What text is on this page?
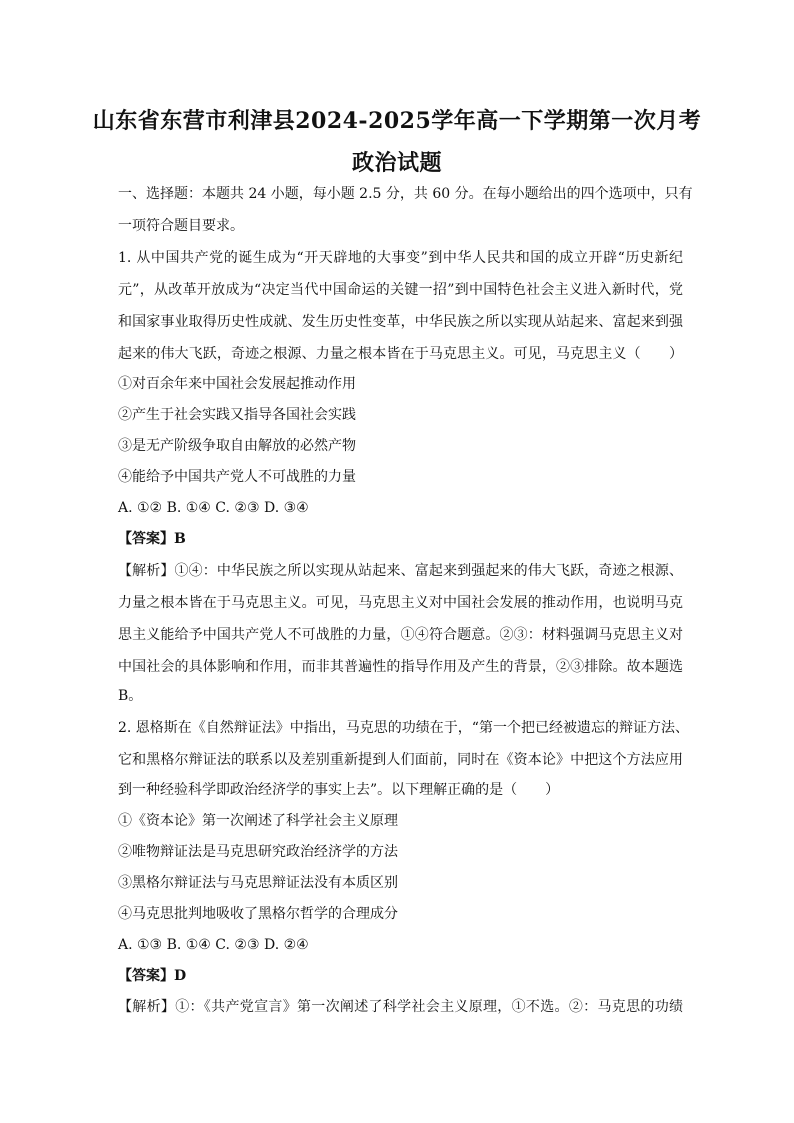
山东省东营市利津县2024-2025学年高一下学期第一次月考
政治试题
一、选择题：本题共 24 小题，每小题 2.5 分，共 60 分。在每小题给出的四个选项中，只有
一项符合题目要求。
1. 从中国共产党的诞生成为“开天辟地的大事变”到中华人民共和国的成立开辟“历史新纪
元”，从改革开放成为“决定当代中国命运的关键一招”到中国特色社会主义进入新时代，党
和国家事业取得历史性成就、发生历史性变革，中华民族之所以实现从站起来、富起来到强
起来的伟大飞跃，奇迹之根源、力量之根本皆在于马克思主义。可见，马克思主义（　　）
①对百余年来中国社会发展起推动作用
②产生于社会实践又指导各国社会实践
③是无产阶级争取自由解放的必然产物
④能给予中国共产党人不可战胜的力量
A. ①② B. ①④ C. ②③ D. ③④
【答案】B
【解析】①④：中华民族之所以实现从站起来、富起来到强起来的伟大飞跃，奇迹之根源、
力量之根本皆在于马克思主义。可见，马克思主义对中国社会发展的推动作用，也说明马克
思主义能给予中国共产党人不可战胜的力量，①④符合题意。②③：材料强调马克思主义对
中国社会的具体影响和作用，而非其普遍性的指导作用及产生的背景，②③排除。故本题选
B。
2. 恩格斯在《自然辩证法》中指出，马克思的功绩在于，“第一个把已经被遗忘的辩证方法、
它和黑格尔辩证法的联系以及差别重新提到人们面前，同时在《资本论》中把这个方法应用
到一种经验科学即政治经济学的事实上去”。以下理解正确的是（　　）
①《资本论》第一次阐述了科学社会主义原理
②唯物辩证法是马克思研究政治经济学的方法
③黑格尔辩证法与马克思辩证法没有本质区别
④马克思批判地吸收了黑格尔哲学的合理成分
A. ①③ B. ①④ C. ②③ D. ②④
【答案】D
【解析】①：《共产党宣言》第一次阐述了科学社会主义原理，①不选。②：马克思的功绩
